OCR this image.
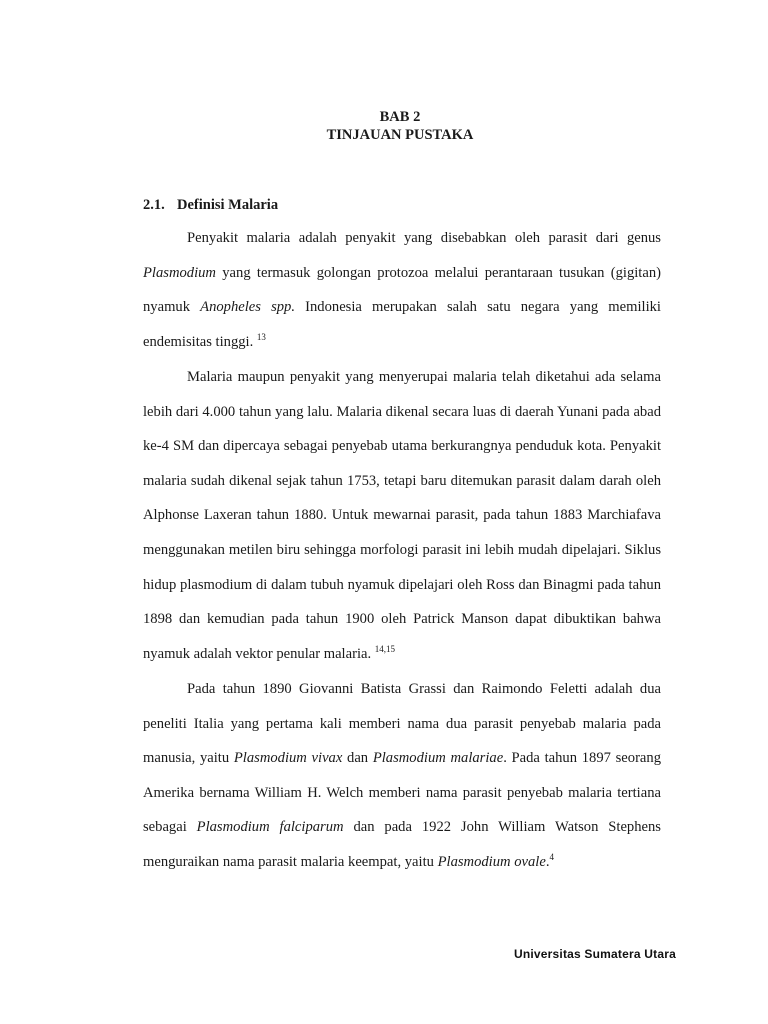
BAB 2
TINJAUAN PUSTAKA
2.1. Definisi Malaria

Penyakit malaria adalah penyakit yang disebabkan oleh parasit dari genus Plasmodium yang termasuk golongan protozoa melalui perantaraan tusukan (gigitan) nyamuk Anopheles spp. Indonesia merupakan salah satu negara yang memiliki endemisitas tinggi. $^{13}$

Malaria maupun penyakit yang menyerupai malaria telah diketahui ada selama lebih dari 4.000 tahun yang lalu. Malaria dikenal secara luas di daerah Yunani pada abad ke-4 SM dan dipercaya sebagai penyebab utama berkurangnya penduduk kota. Penyakit malaria sudah dikenal sejak tahun 1753, tetapi baru ditemukan parasit dalam darah oleh Alphonse Laxeran tahun 1880. Untuk mewarnai parasit, pada tahun 1883 Marchiafava menggunakan metilen biru sehingga morfologi parasit ini lebih mudah dipelajari. Siklus hidup plasmodium di dalam tubuh nyamuk dipelajari oleh Ross dan Binagmi pada tahun 1898 dan kemudian pada tahun 1900 oleh Patrick Manson dapat dibuktikan bahwa nyamuk adalah vektor penular malaria. $^{14,15}$

Pada tahun 1890 Giovanni Batista Grassi dan Raimondo Feletti adalah dua peneliti Italia yang pertama kali memberi nama dua parasit penyebab malaria pada manusia, yaitu Plasmodium vivax dan Plasmodium malariae. Pada tahun 1897 seorang Amerika bernama William H. Welch memberi nama parasit penyebab malaria tertiana sebagai Plasmodium falciparum dan pada 1922 John William Watson Stephens menguraikan nama parasit malaria keempat, yaitu Plasmodium ovale.$^4$

Universitas Sumatera Utara
